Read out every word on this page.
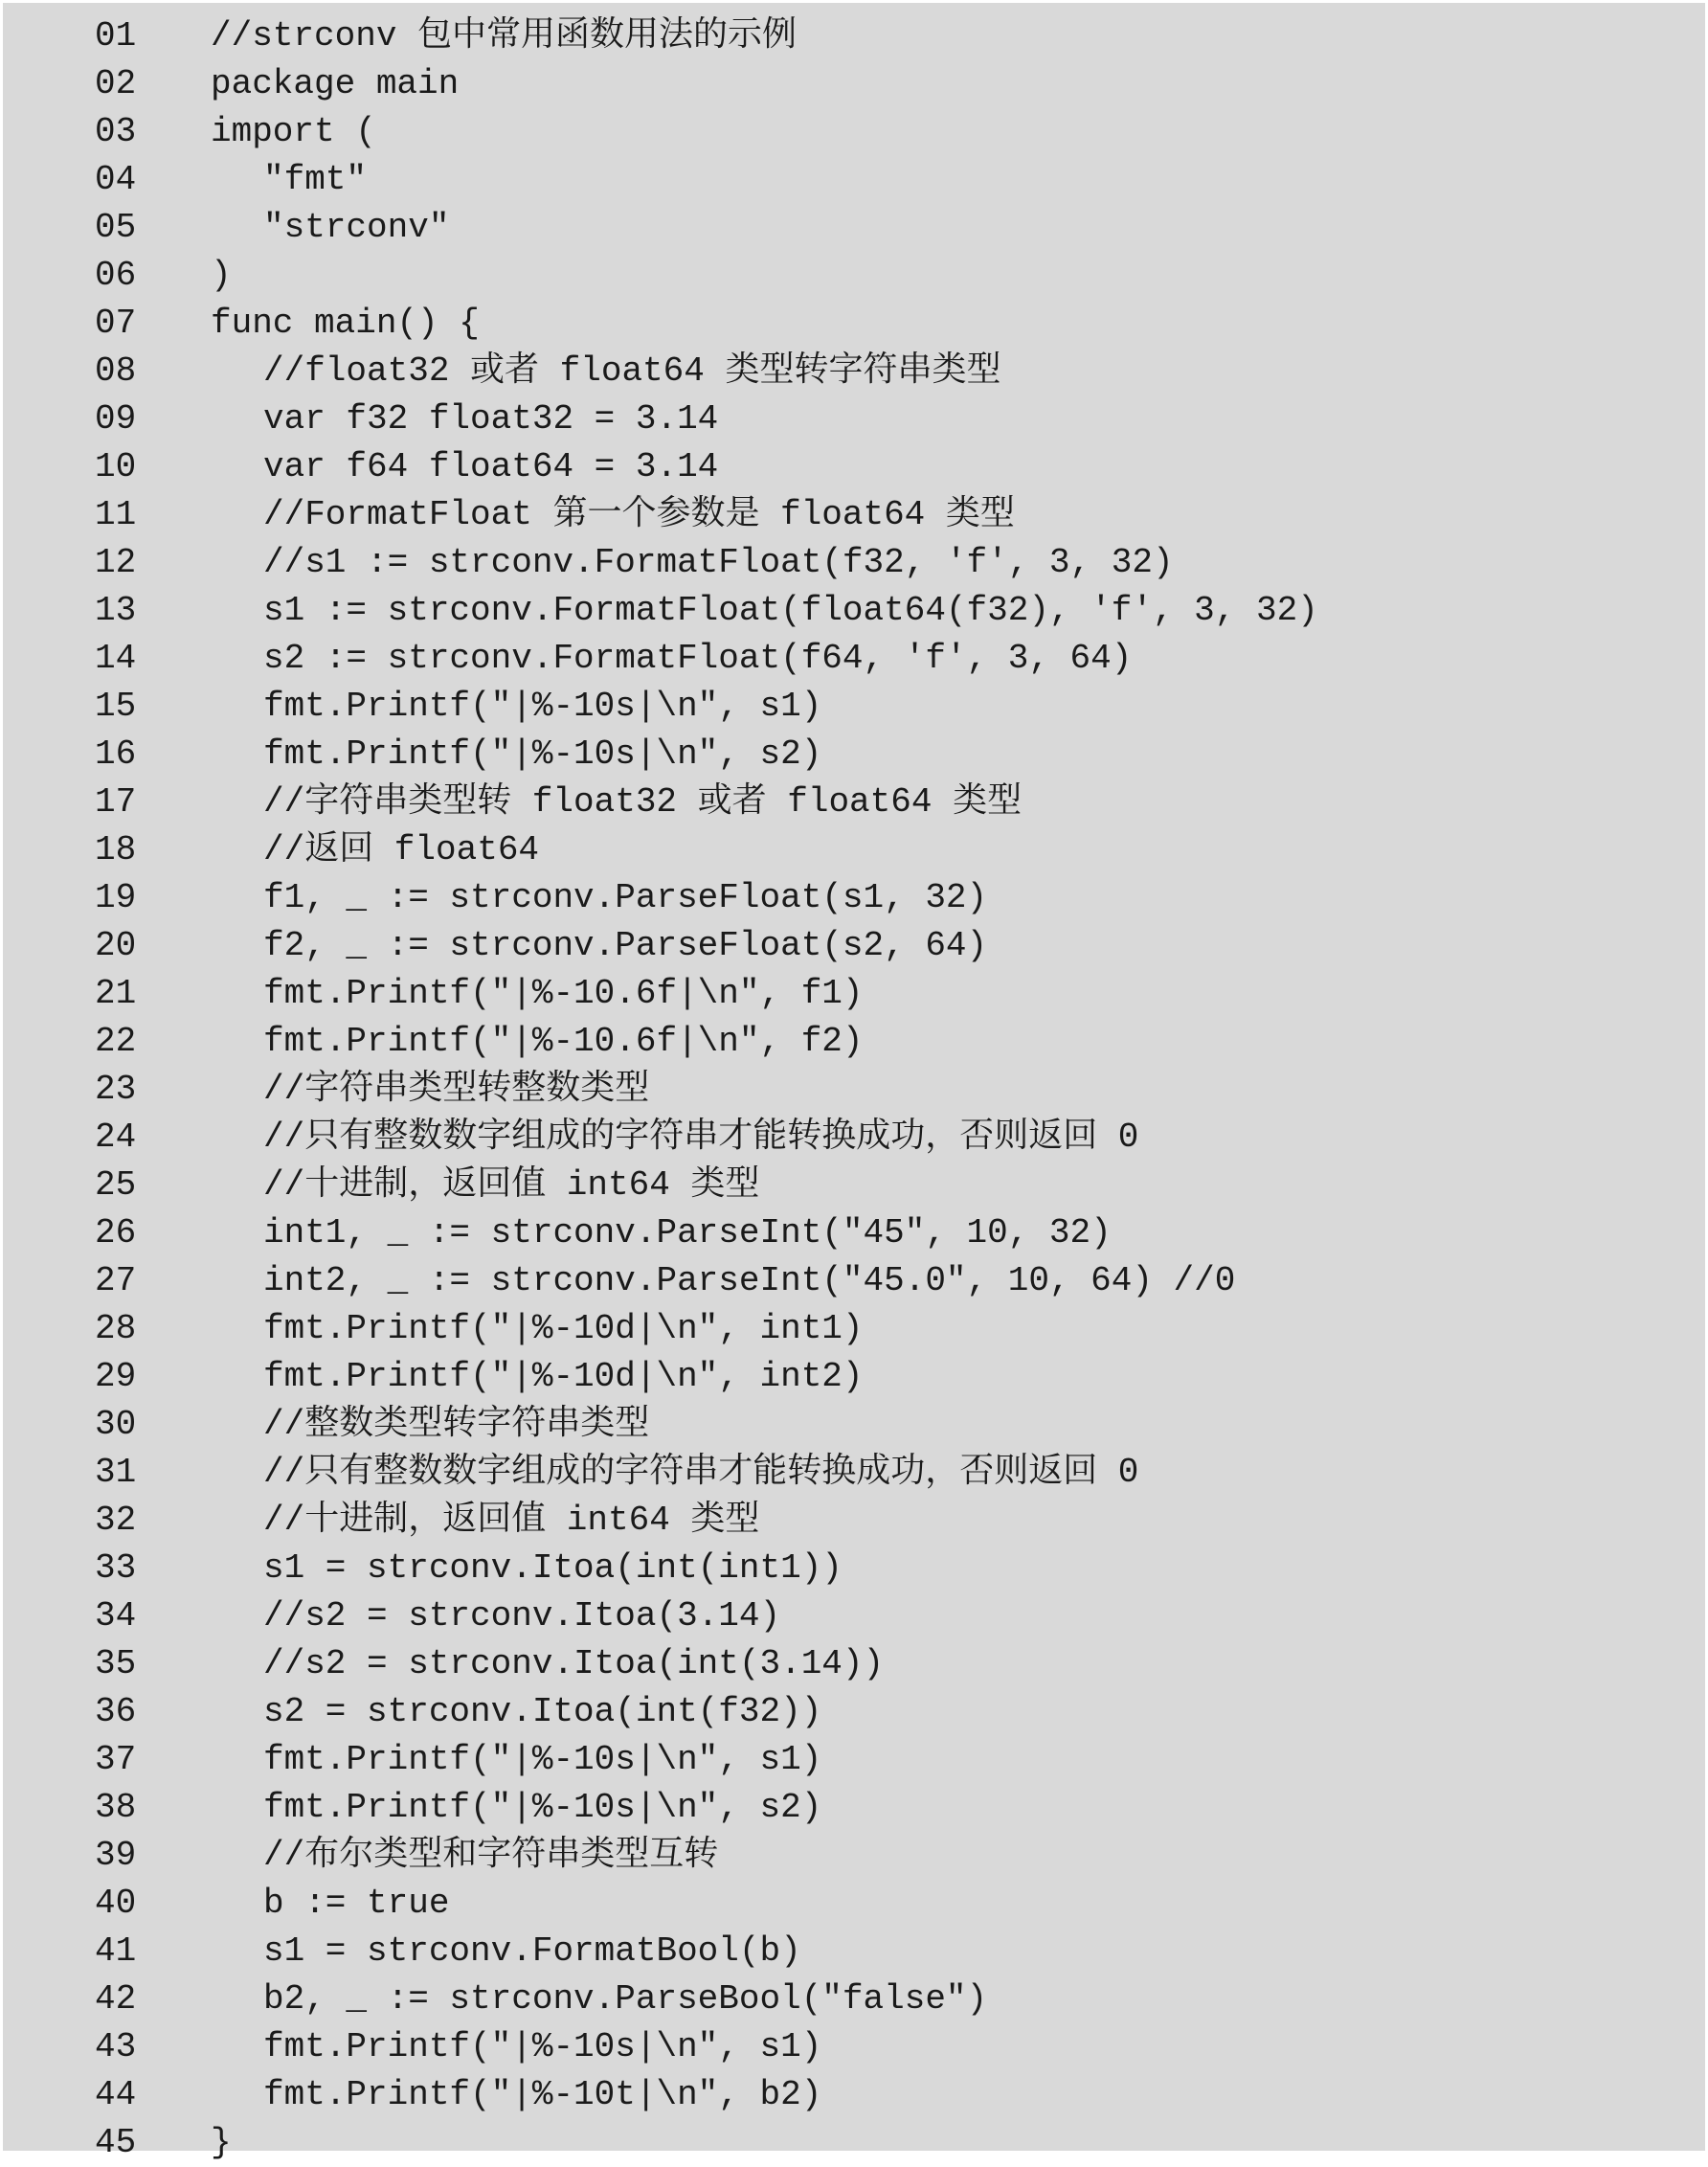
01	//strconv 包中常用函数用法的示例
02	package main
03	import (
04	"fmt"
05	"strconv"
06	)
07	func main() {
08	//float32 或者 float64 类型转字符串类型
09	var f32 float32 = 3.14
10	var f64 float64 = 3.14
11	//FormatFloat 第一个参数是 float64 类型
12	//s1 := strconv.FormatFloat(f32, 'f', 3, 32)
13	s1 := strconv.FormatFloat(float64(f32), 'f', 3, 32)
14	s2 := strconv.FormatFloat(f64, 'f', 3, 64)
15	fmt.Printf("|%-10s|\n", s1)
16	fmt.Printf("|%-10s|\n", s2)
17	//字符串类型转 float32 或者 float64 类型
18	//返回 float64
19	f1, _ := strconv.ParseFloat(s1, 32)
20	f2, _ := strconv.ParseFloat(s2, 64)
21	fmt.Printf("|%-10.6f|\n", f1)
22	fmt.Printf("|%-10.6f|\n", f2)
23	//字符串类型转整数类型
24	//只有整数数字组成的字符串才能转换成功，否则返回 0
25	//十进制，返回值 int64 类型
26	int1, _ := strconv.ParseInt("45", 10, 32)
27	int2, _ := strconv.ParseInt("45.0", 10, 64) //0
28	fmt.Printf("|%-10d|\n", int1)
29	fmt.Printf("|%-10d|\n", int2)
30	//整数类型转字符串类型
31	//只有整数数字组成的字符串才能转换成功，否则返回 0
32	//十进制，返回值 int64 类型
33	s1 = strconv.Itoa(int(int1))
34	//s2 = strconv.Itoa(3.14)
35	//s2 = strconv.Itoa(int(3.14))
36	s2 = strconv.Itoa(int(f32))
37	fmt.Printf("|%-10s|\n", s1)
38	fmt.Printf("|%-10s|\n", s2)
39	//布尔类型和字符串类型互转
40	b := true
41	s1 = strconv.FormatBool(b)
42	b2, _ := strconv.ParseBool("false")
43	fmt.Printf("|%-10s|\n", s1)
44	fmt.Printf("|%-10t|\n", b2)
45	}
